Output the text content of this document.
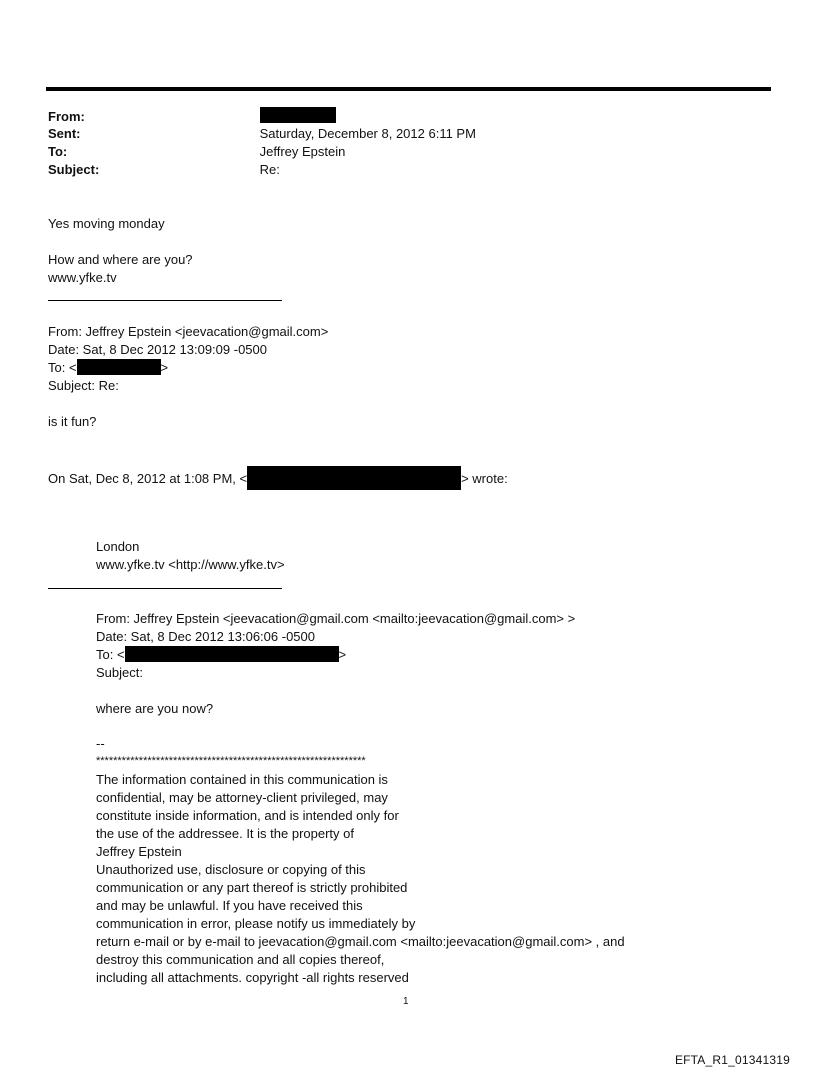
From:
Sent:	Saturday, December 8, 2012 6:11 PM
To:	Jeffrey Epstein
Subject:	Re:
Yes moving monday
How and where are you?
www.yfke.tv
From: Jeffrey Epstein <jeevacation@gmail.com>
Date: Sat, 8 Dec 2012 13:09:09 -0500
To: <	>
Subject: Re:
is it fun?
On Sat, Dec 8, 2012 at 1:08 PM, <	> wrote:
London
www.yfke.tv <http://www.yfke.tv>
From: Jeffrey Epstein <jeevacation@gmail.com <mailto:jeevacation@gmail.com> >
Date: Sat, 8 Dec 2012 13:06:06 -0500
To: <	>
Subject:
where are you now?
--
***************************************************************
The information contained in this communication is
confidential, may be attorney-client privileged, may
constitute inside information, and is intended only for
the use of the addressee. It is the property of
Jeffrey Epstein
Unauthorized use, disclosure or copying of this
communication or any part thereof is strictly prohibited
and may be unlawful. If you have received this
communication in error, please notify us immediately by
return e-mail or by e-mail to jeevacation@gmail.com <mailto:jeevacation@gmail.com> , and
destroy this communication and all copies thereof,
including all attachments. copyright -all rights reserved
1
EFTA_R1_01341319
